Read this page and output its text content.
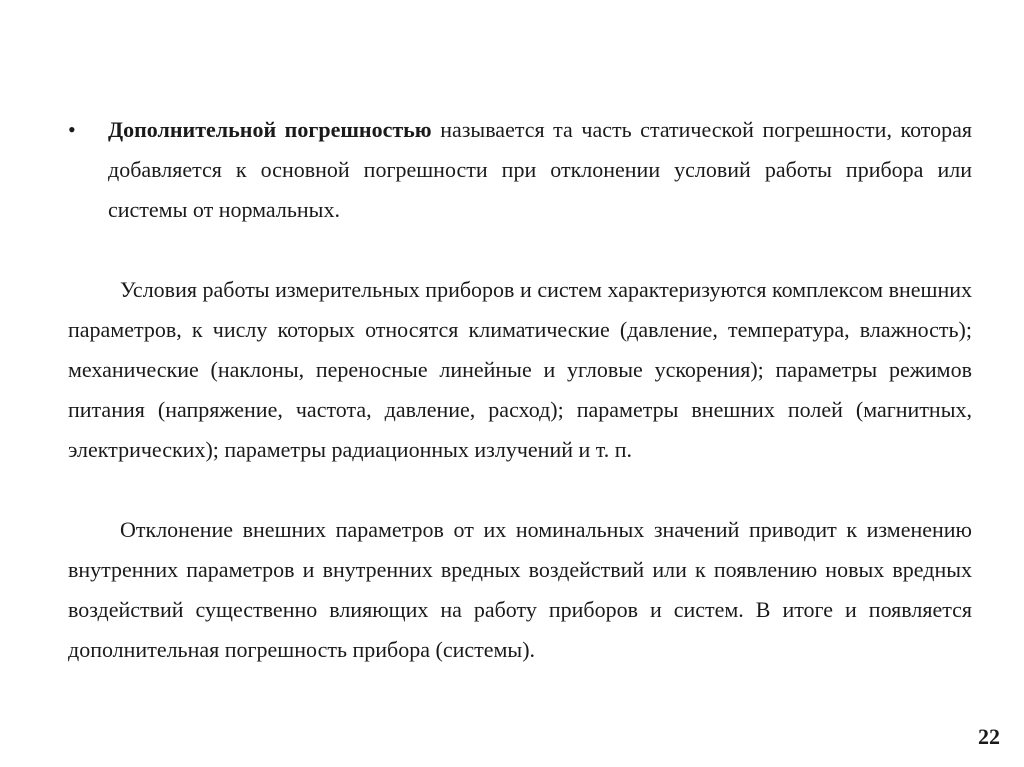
• Дополнительной погрешностью называется та часть статической погрешности, которая добавляется к основной погрешности при отклонении условий работы прибора или системы от нормальных.

Условия работы измерительных приборов и систем характеризуются комплексом внешних параметров, к числу которых относятся климатические (давление, температура, влажность); механические (наклоны, переносные линейные и угловые ускорения); параметры режимов питания (напряжение, частота, давление, расход); параметры внешних полей (магнитных, электрических); параметры радиационных излучений и т. п.

Отклонение внешних параметров от их номинальных значений приводит к изменению внутренних параметров и внутренних вредных воздействий или к появлению новых вредных воздействий существенно влияющих на работу приборов и систем. В итоге и появляется дополнительная погрешность прибора (системы).

22
